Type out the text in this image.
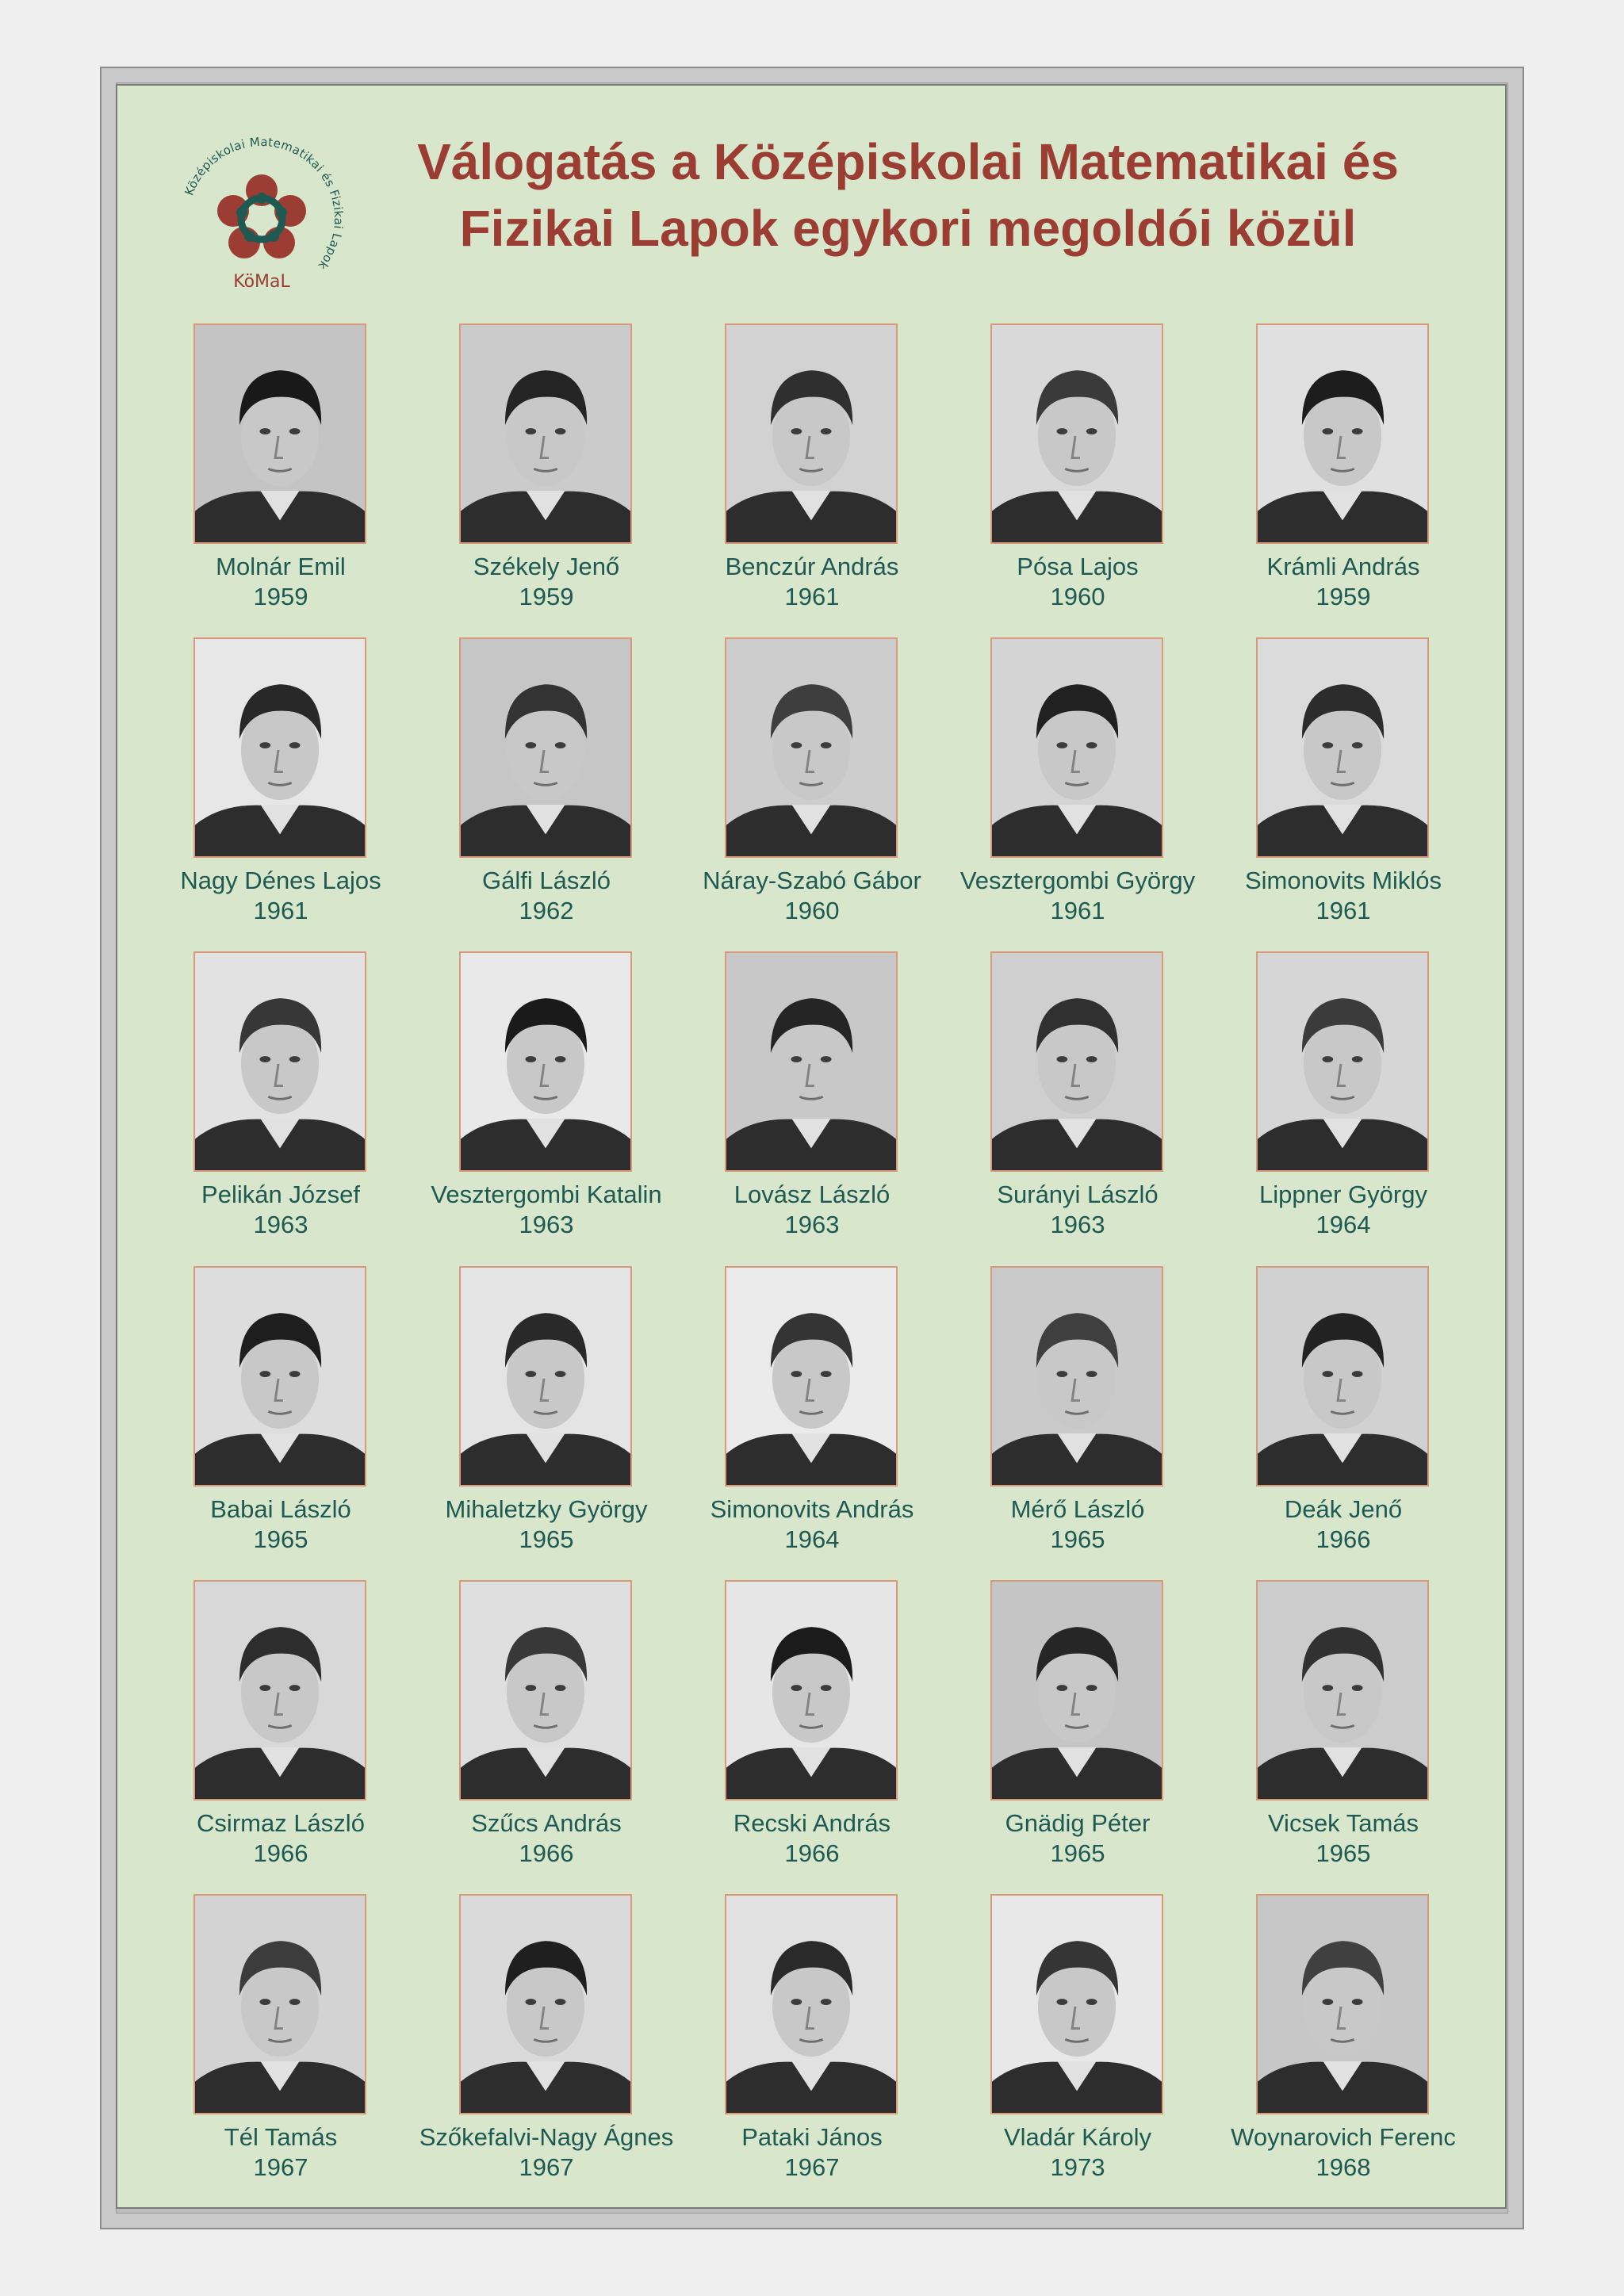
Középiskolai Matematikai és Fizikai Lapok
KöMaL
Válogatás a Középiskolai Matematikai és
Fizikai Lapok egykori megoldói közül
Molnár Emil
1959
Székely Jenő
1959
Benczúr András
1961
Pósa Lajos
1960
Krámli András
1959
Nagy Dénes Lajos
1961
Gálfi László
1962
Náray-Szabó Gábor
1960
Vesztergombi György
1961
Simonovits Miklós
1961
Pelikán József
1963
Vesztergombi Katalin
1963
Lovász László
1963
Surányi László
1963
Lippner György
1964
Babai László
1965
Mihaletzky György
1965
Simonovits András
1964
Mérő László
1965
Deák Jenő
1966
Csirmaz László
1966
Szűcs András
1966
Recski András
1966
Gnädig Péter
1965
Vicsek Tamás
1965
Tél Tamás
1967
Szőkefalvi-Nagy Ágnes
1967
Pataki János
1967
Vladár Károly
1973
Woynarovich Ferenc
1968
